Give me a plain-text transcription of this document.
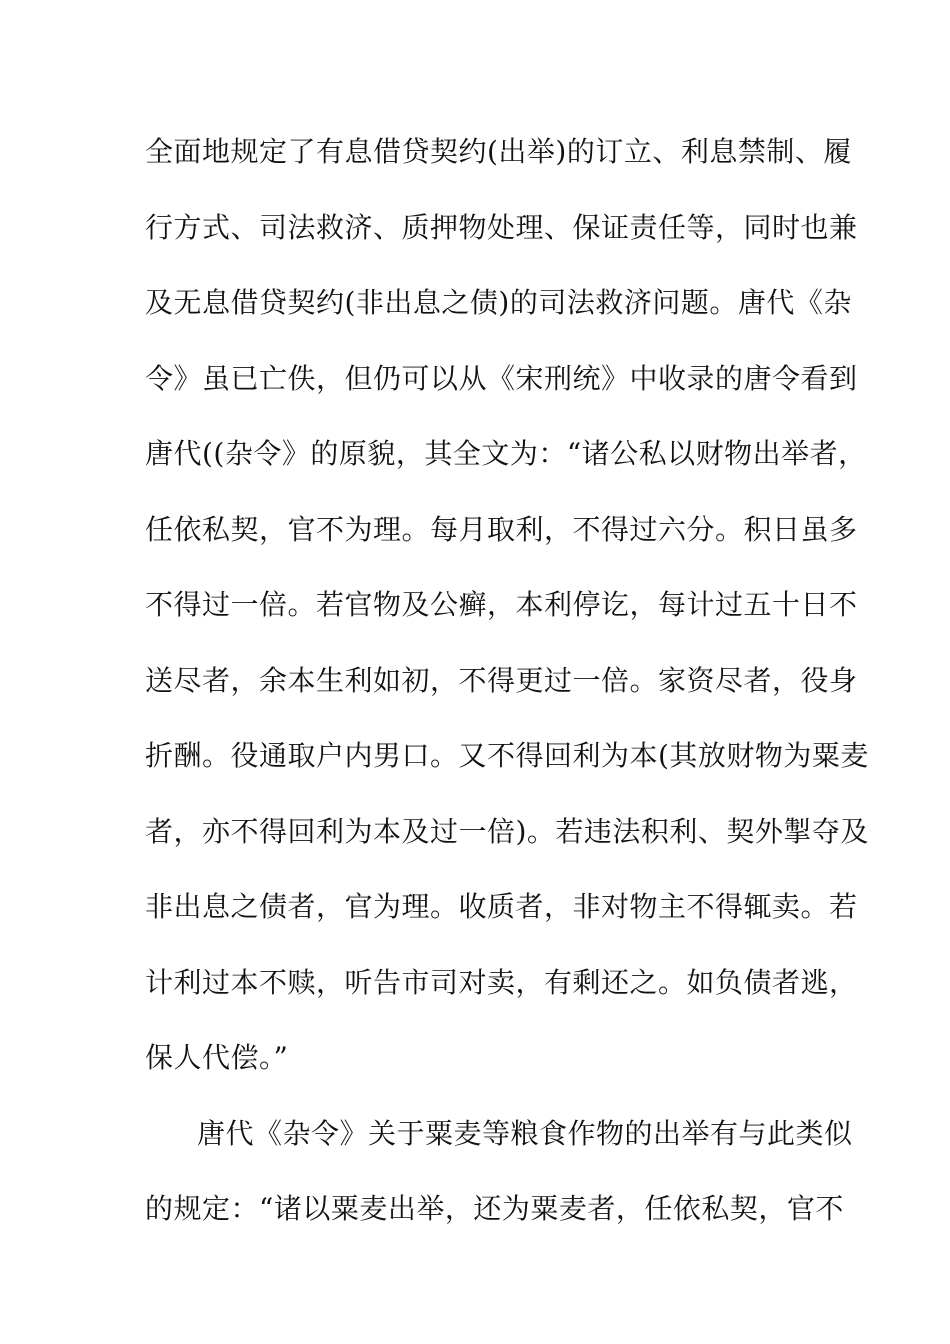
全面地规定了有息借贷契约(出举)的订立、利息禁制、履
行方式、司法救济、质押物处理、保证责任等，同时也兼
及无息借贷契约(非出息之债)的司法救济问题。唐代《杂
令》虽已亡佚，但仍可以从《宋刑统》中收录的唐令看到
唐代((杂令》的原貌，其全文为：“诸公私以财物出举者，
任依私契，官不为理。每月取利，不得过六分。积日虽多
不得过一倍。若官物及公癣，本利停讫，每计过五十日不
送尽者，余本生利如初，不得更过一倍。家资尽者，役身
折酬。役通取户内男口。又不得回利为本(其放财物为粟麦
者，亦不得回利为本及过一倍)。若违法积利、契外掣夺及
非出息之债者，官为理。收质者，非对物主不得辄卖。若
计利过本不赎，听告市司对卖，有剩还之。如负债者逃，
保人代偿。”
唐代《杂令》关于粟麦等粮食作物的出举有与此类似
的规定：“诸以粟麦出举，还为粟麦者，任依私契，官不
